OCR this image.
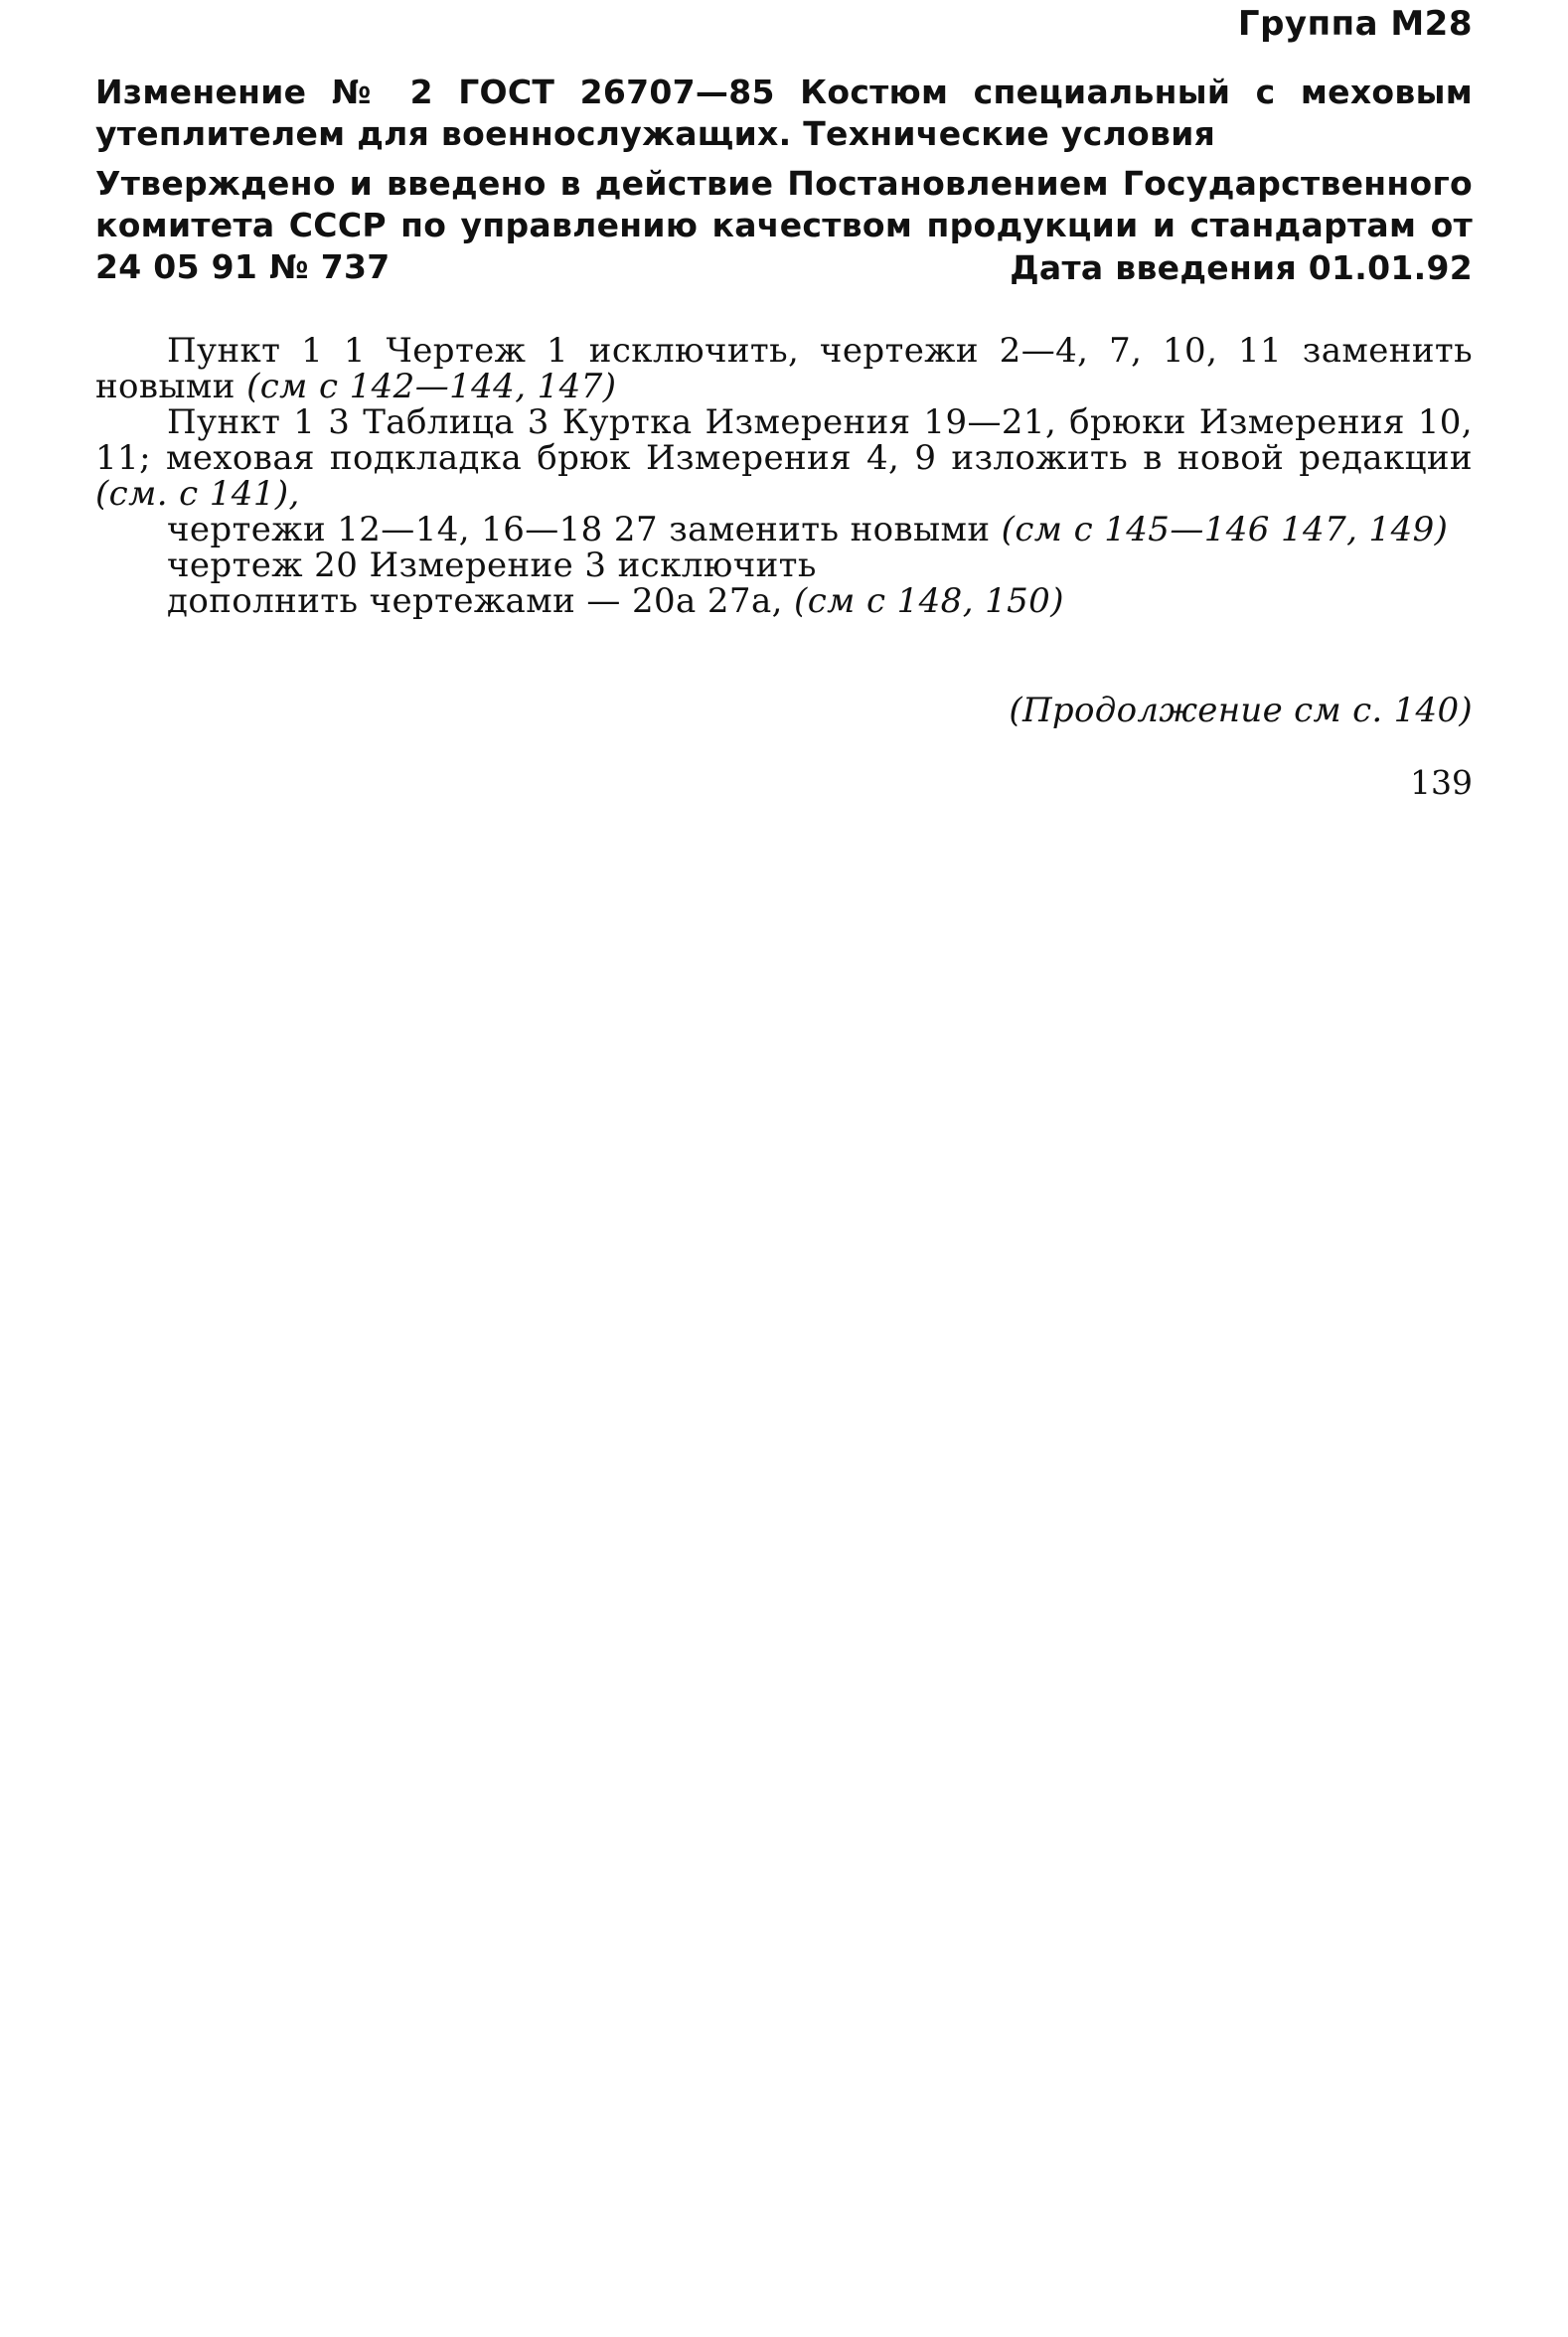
Группа М28
Изменение № 2 ГОСТ 26707—85 Костюм специальный с меховым утеплителем для военнослужащих. Технические условия
Утверждено и введено в действие Постановлением Государственного комитета СССР по управлению качеством продукции и стандартам от 24 05 91 № 737	Дата введения 01.01.92

Пункт 1 1 Чертеж 1 исключить, чертежи 2—4, 7, 10, 11 заменить новыми (см с 142—144, 147)

Пункт 1 3 Таблица 3 Куртка Измерения 19—21, брюки Измерения 10, 11; меховая подкладка брюк Измерения 4, 9 изложить в новой редакции (см. с 141),

чертежи 12—14, 16—18 27 заменить новыми (см с 145—146 147, 149)

чертеж 20 Измерение 3 исключить

дополнить чертежами — 20а 27а, (см с 148, 150)

(Продолжение см с. 140)
139
